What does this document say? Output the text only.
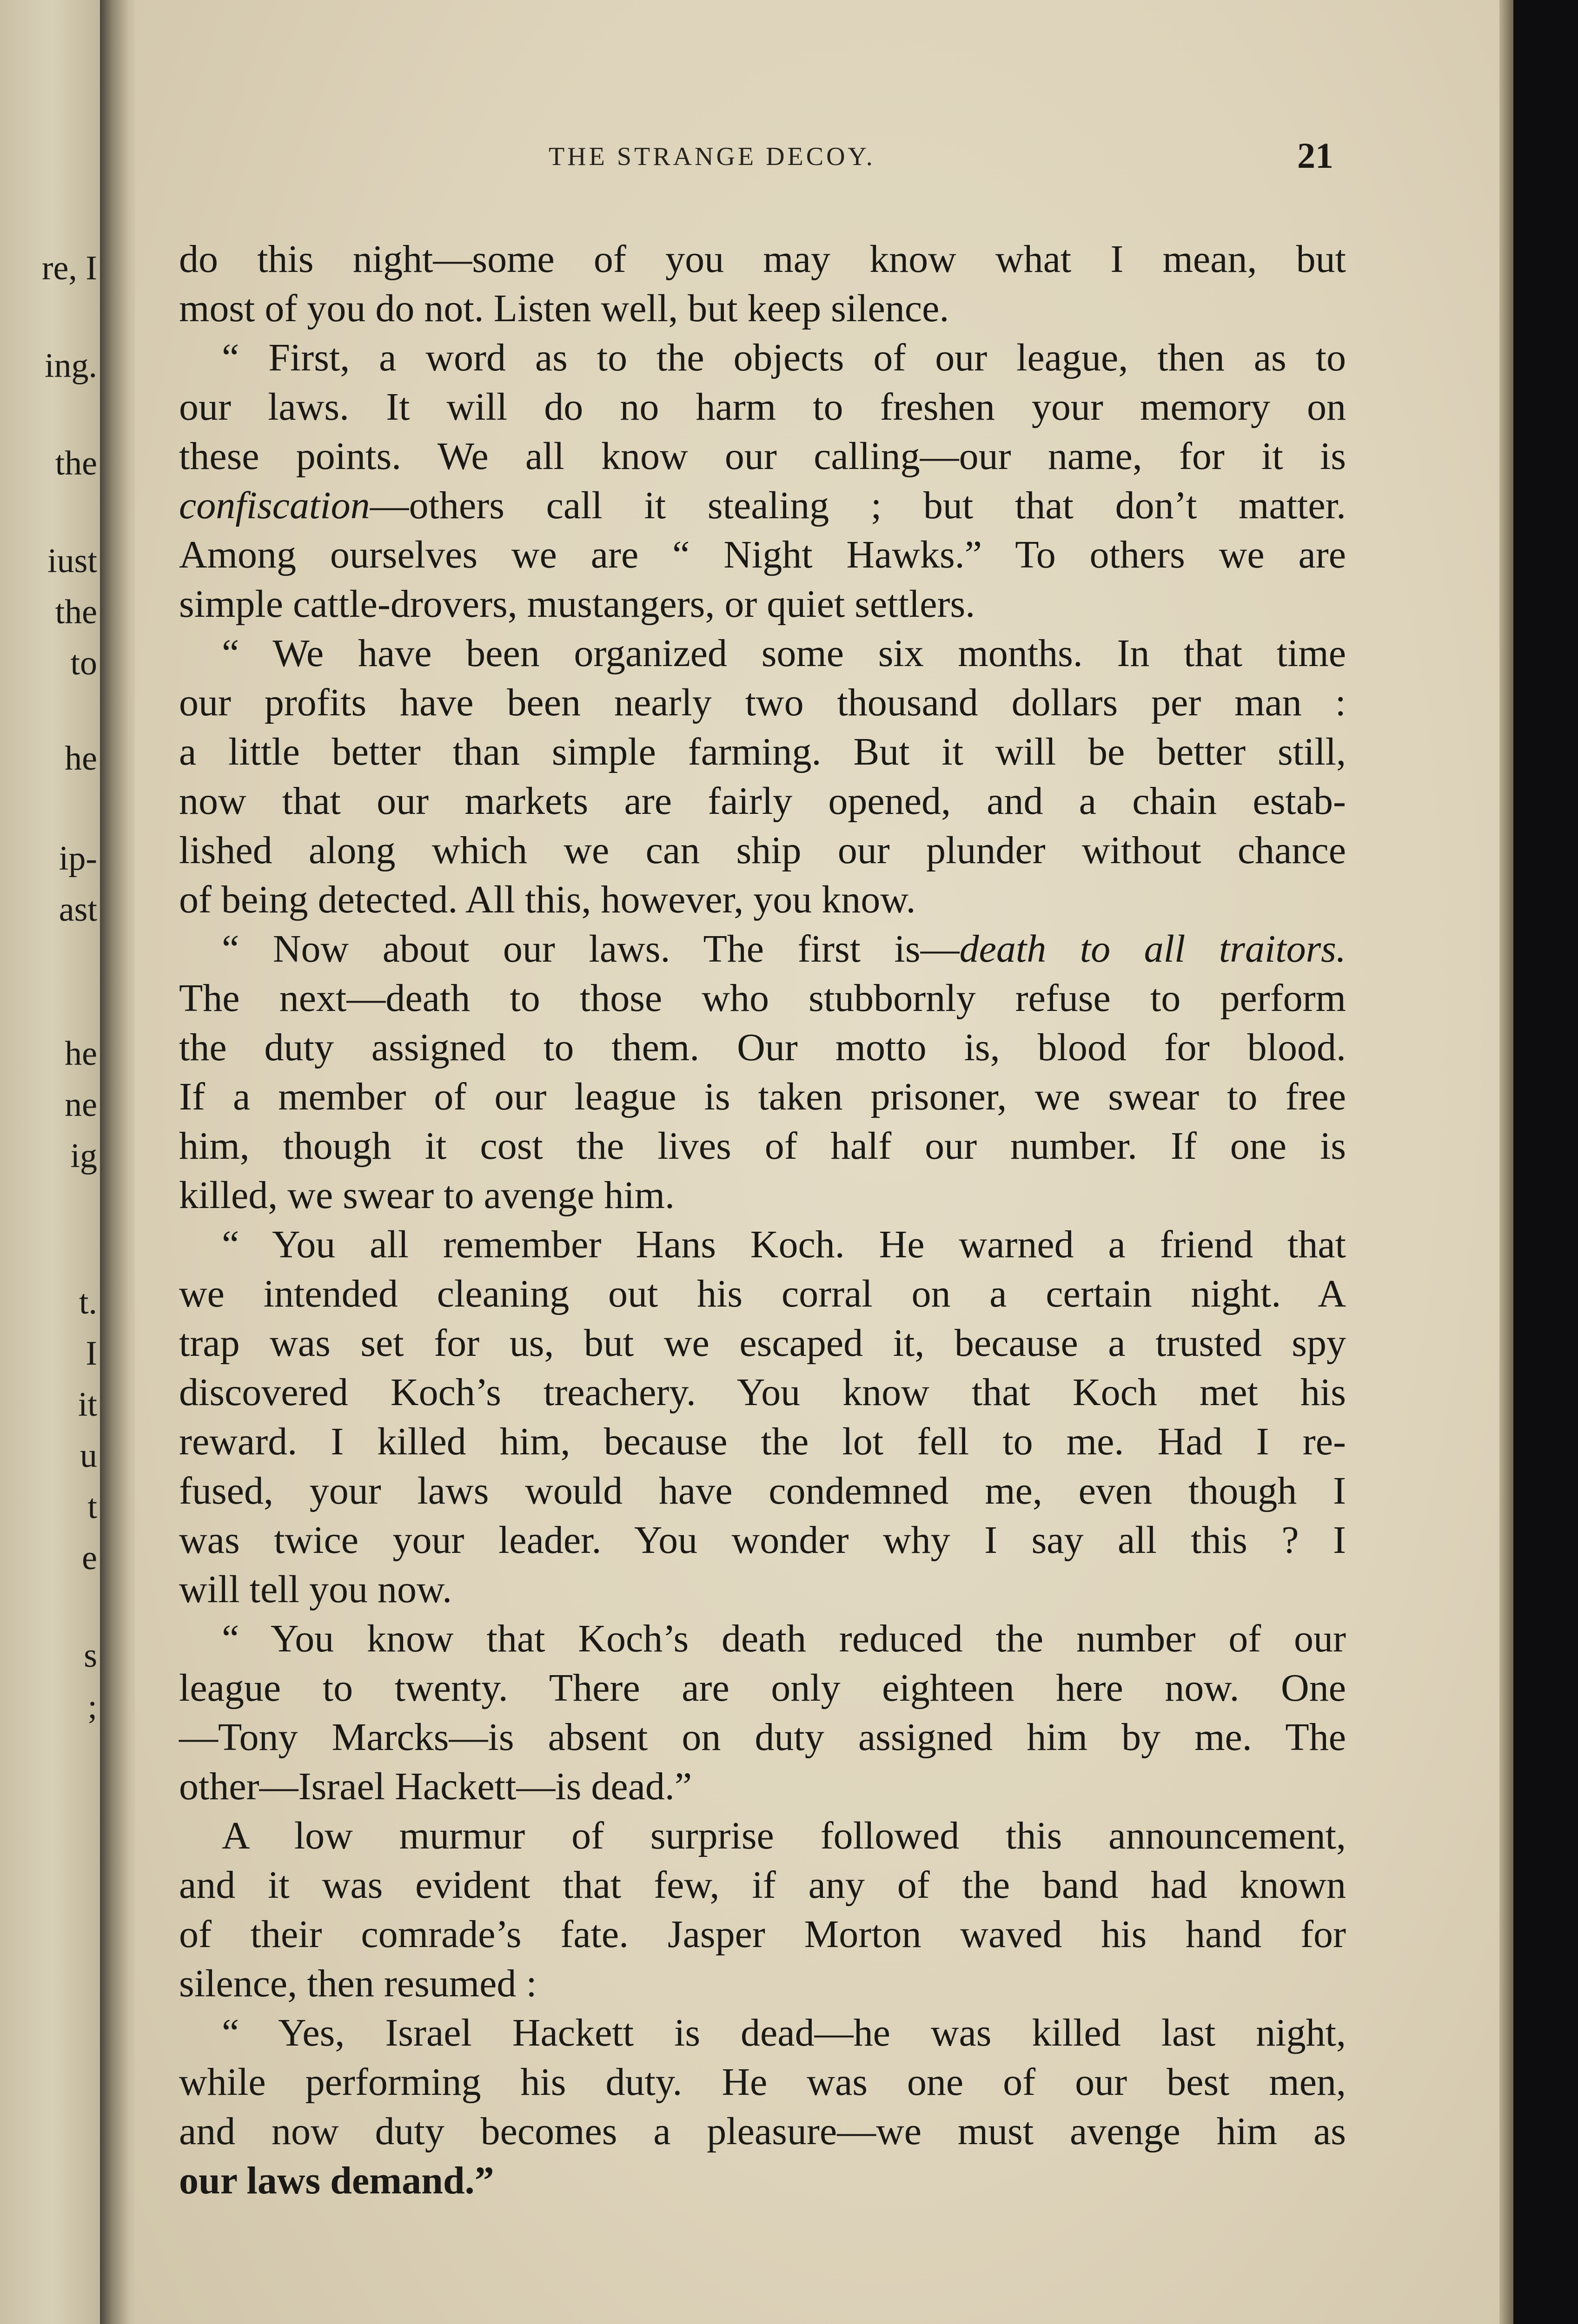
re, I
ing.
the
iust
the
to
he
ip-
ast
he
ne
ig
t.
I
it
u
t
e
s
;
THE STRANGE DECOY.	21
do this night—some of you may know what I mean, but
most of you do not. Listen well, but keep silence.
“ First, a word as to the objects of our league, then as to
our laws. It will do no harm to freshen your memory on
these points. We all know our calling—our name, for it is
confiscation—others call it stealing ; but that don’t matter.
Among ourselves we are “ Night Hawks.” To others we are
simple cattle-drovers, mustangers, or quiet settlers.
“ We have been organized some six months. In that time
our profits have been nearly two thousand dollars per man :
a little better than simple farming. But it will be better still,
now that our markets are fairly opened, and a chain estab-
lished along which we can ship our plunder without chance
of being detected. All this, however, you know.
“ Now about our laws. The first is—death to all traitors.
The next—death to those who stubbornly refuse to perform
the duty assigned to them. Our motto is, blood for blood.
If a member of our league is taken prisoner, we swear to free
him, though it cost the lives of half our number. If one is
killed, we swear to avenge him.
“ You all remember Hans Koch. He warned a friend that
we intended cleaning out his corral on a certain night. A
trap was set for us, but we escaped it, because a trusted spy
discovered Koch’s treachery. You know that Koch met his
reward. I killed him, because the lot fell to me. Had I re-
fused, your laws would have condemned me, even though I
was twice your leader. You wonder why I say all this ? I
will tell you now.
“ You know that Koch’s death reduced the number of our
league to twenty. There are only eighteen here now. One
—Tony Marcks—is absent on duty assigned him by me. The
other—Israel Hackett—is dead.”
A low murmur of surprise followed this announcement,
and it was evident that few, if any of the band had known
of their comrade’s fate. Jasper Morton waved his hand for
silence, then resumed :
“ Yes, Israel Hackett is dead—he was killed last night,
while performing his duty. He was one of our best men,
and now duty becomes a pleasure—we must avenge him as
our laws demand.”
